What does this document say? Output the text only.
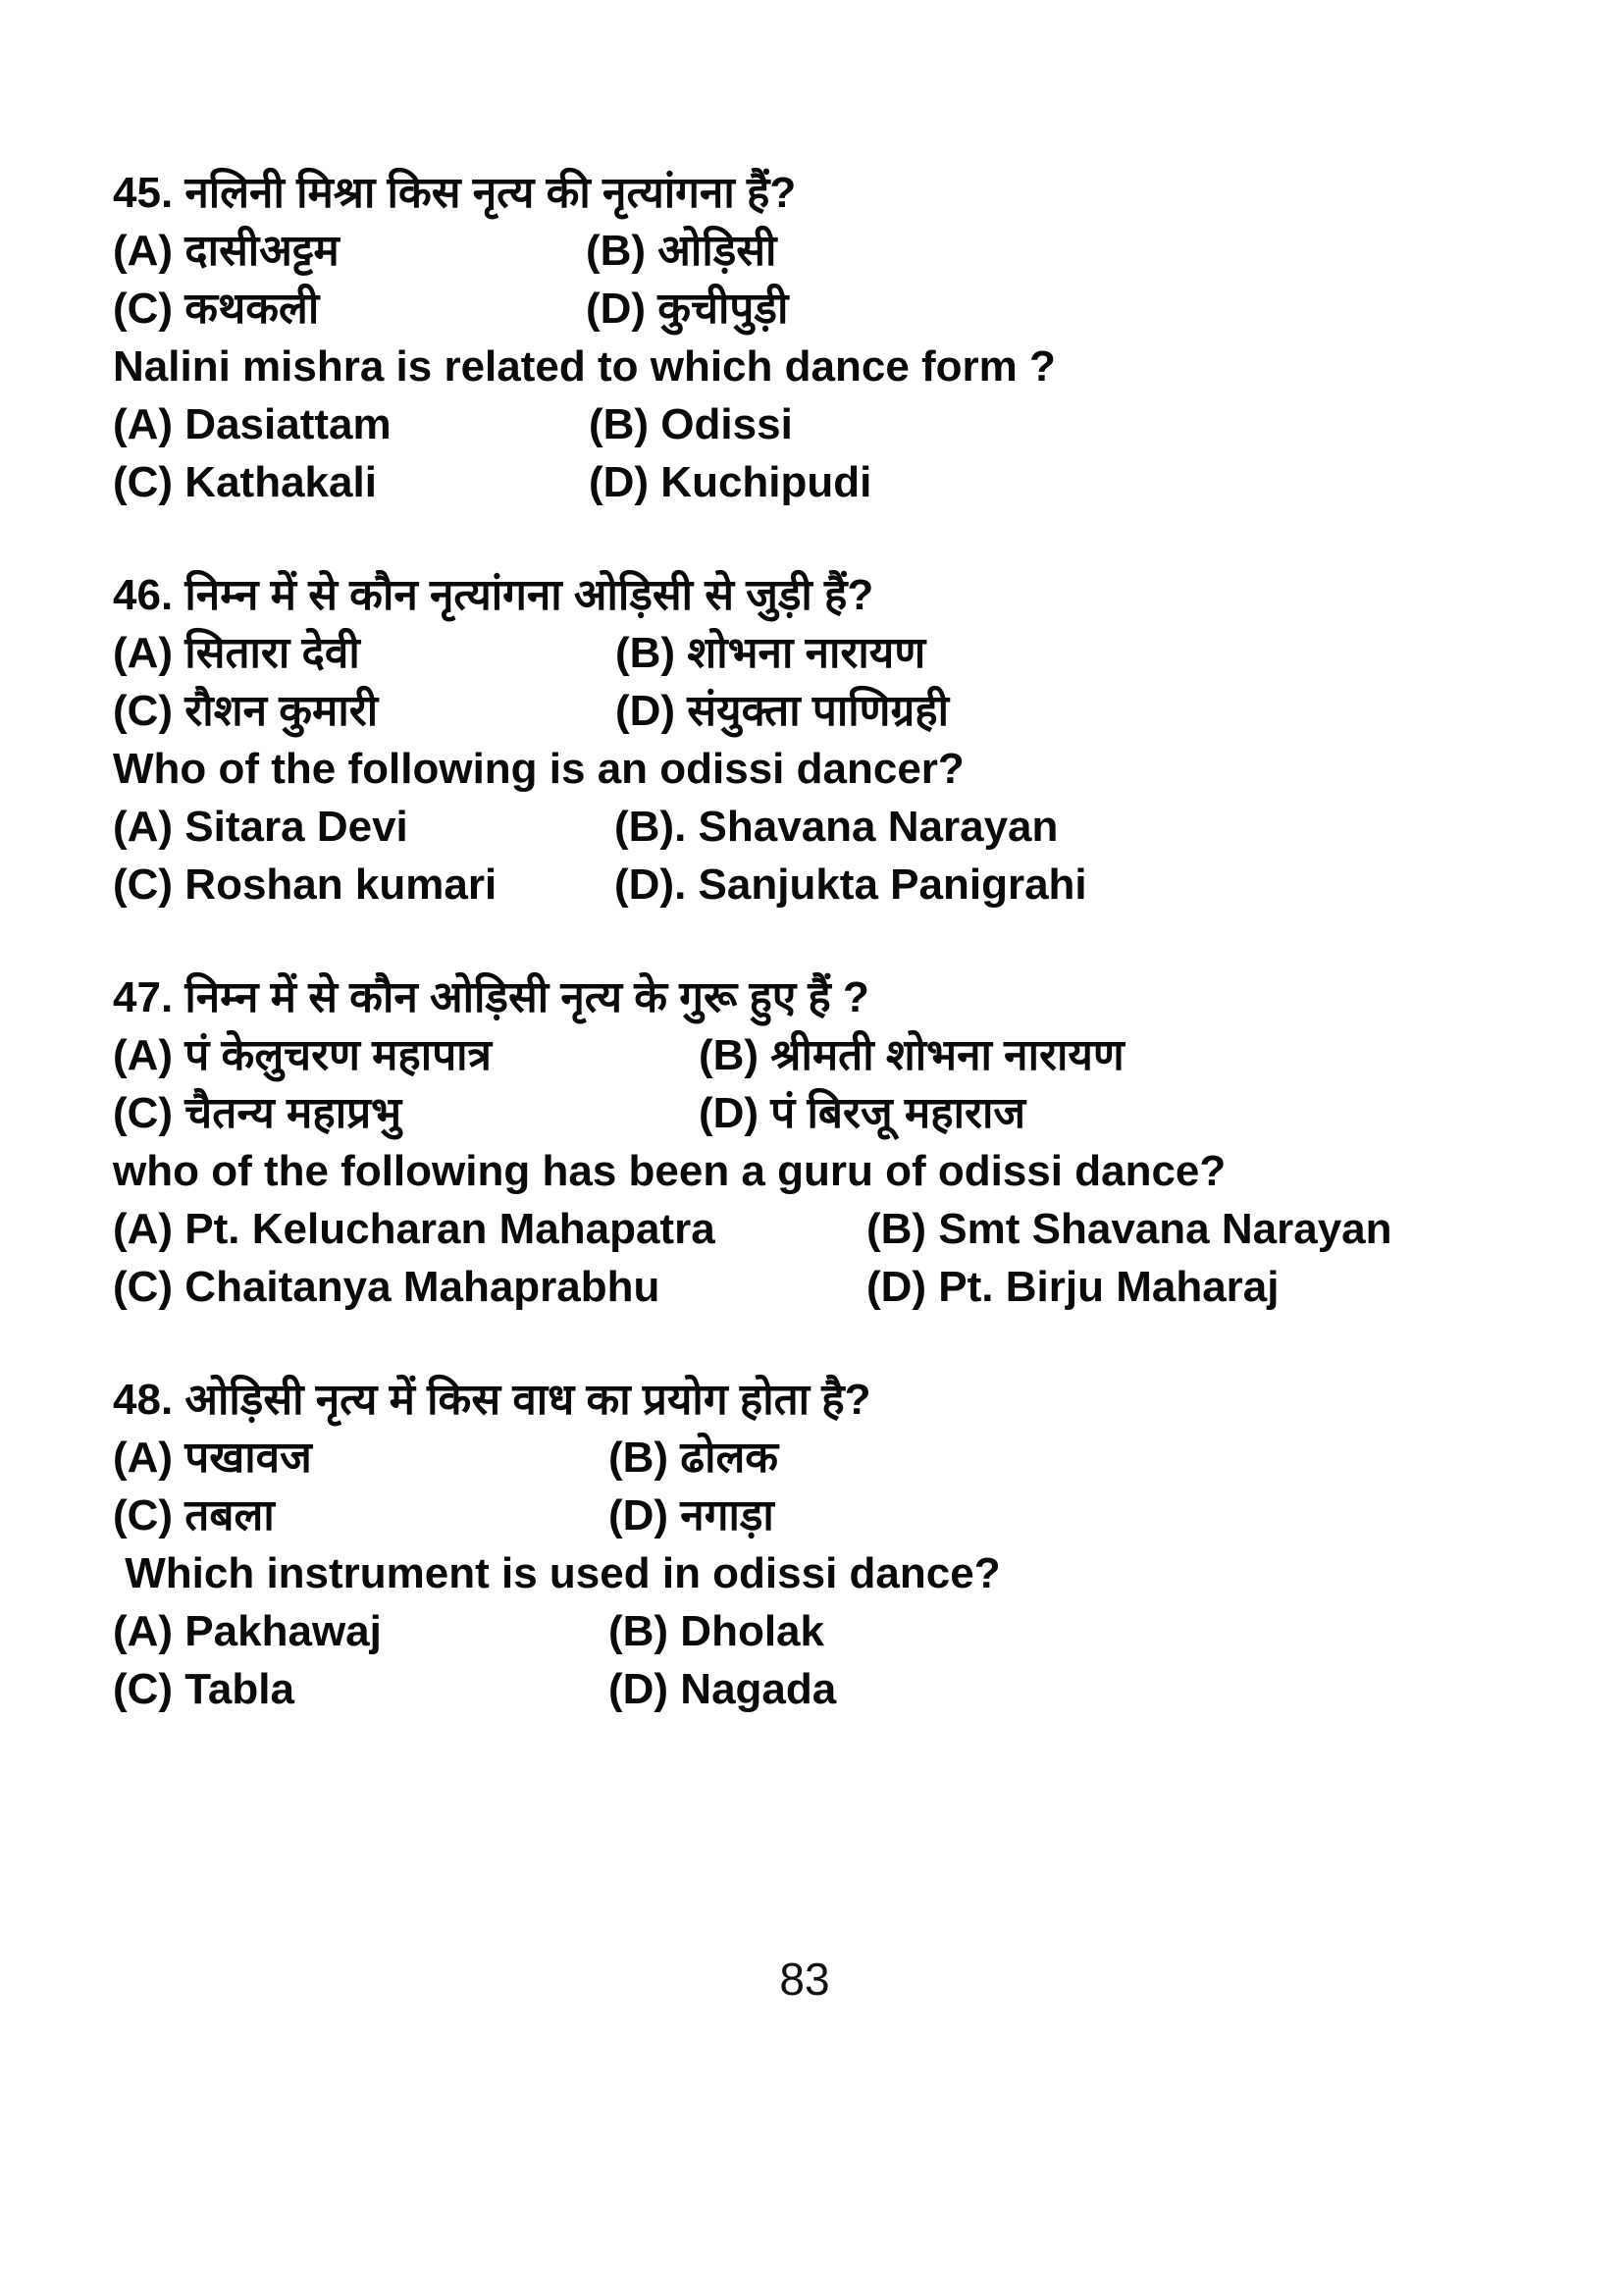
45. नलिनी मिश्रा किस नृत्य की नृत्यांगना हैं?
(A) दासीअट्टम	(B) ओड़िसी
(C) कथकली	(D) कुचीपुड़ी
Nalini mishra is related to which dance form ?
(A) Dasiattam	(B) Odissi
(C) Kathakali	(D) Kuchipudi
46. निम्न में से कौन नृत्यांगना ओड़िसी से जुड़ी हैं?
(A) सितारा देवी	(B) शोभना नारायण
(C) रौशन कुमारी	(D) संयुक्ता पाणिग्रही
Who of the following is an odissi dancer?
(A) Sitara Devi	(B). Shavana Narayan
(C) Roshan kumari	(D). Sanjukta Panigrahi
47. निम्न में से कौन ओड़िसी नृत्य के गुरू हुए हैं ?
(A) पं केलुचरण महापात्र	(B) श्रीमती शोभना नारायण
(C) चैतन्य महाप्रभु	(D) पं बिरजू महाराज
who of the following has been a guru of odissi dance?
(A) Pt. Kelucharan Mahapatra	(B) Smt Shavana Narayan
(C) Chaitanya Mahaprabhu	(D) Pt. Birju Maharaj
48. ओड़िसी नृत्य में किस वाध का प्रयोग होता है?
(A) पखावज	(B) ढोलक
(C) तबला	(D) नगाड़ा
Which instrument is used in odissi dance?
(A) Pakhawaj	(B) Dholak
(C) Tabla	(D) Nagada
83
